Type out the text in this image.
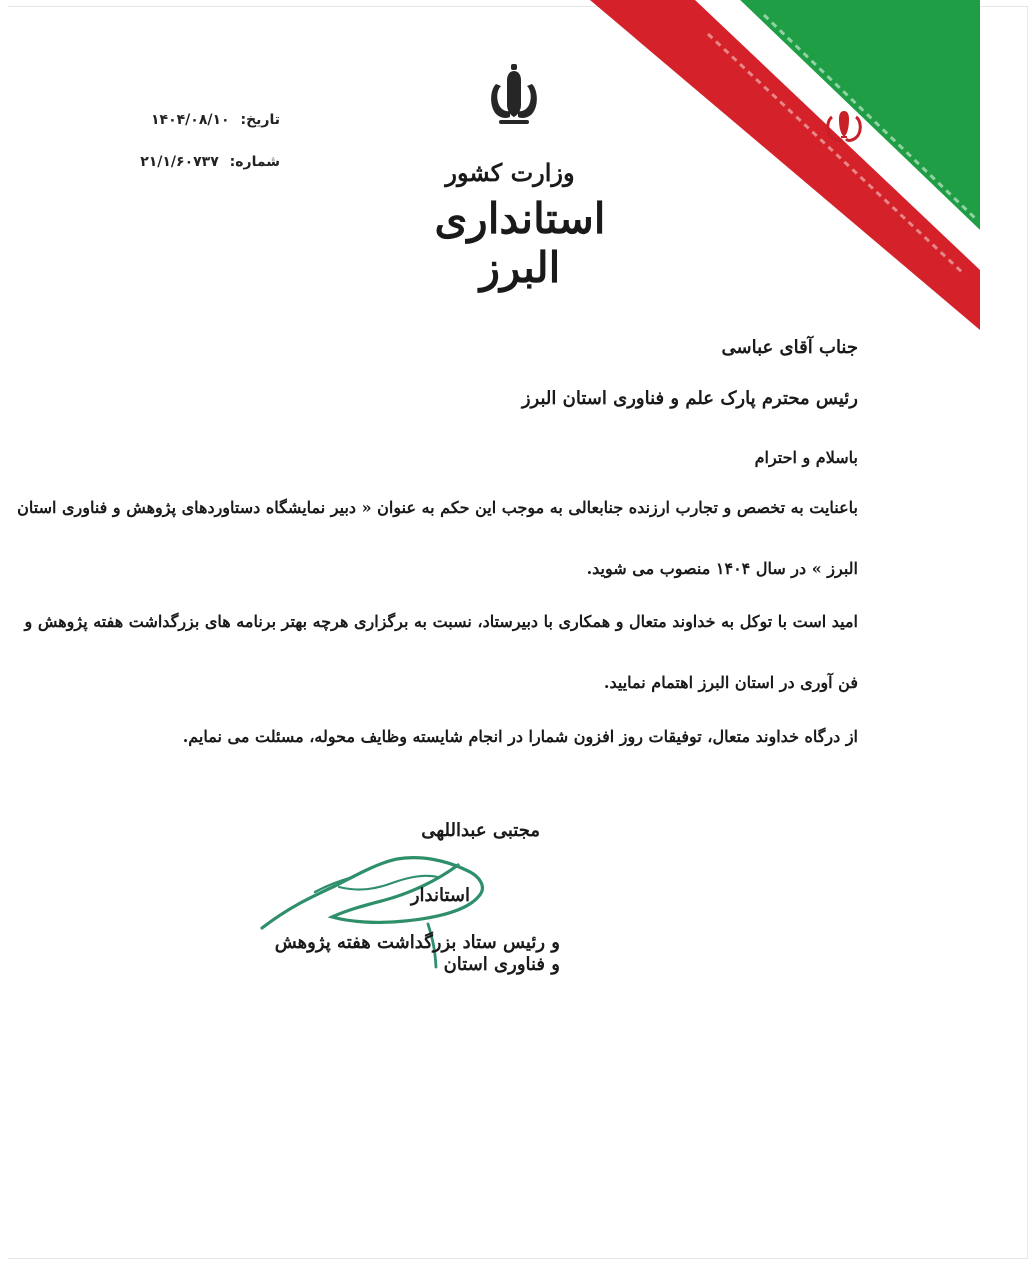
وزارت کشور
استانداری البرز
تاریخ: ۱۴۰۴/۰۸/۱۰
شماره: ۲۱/۱/۶۰۷۳۷
جناب آقای عباسی
رئیس محترم پارک علم و فناوری استان البرز
باسلام و احترام
باعنایت به تخصص و تجارب ارزنده جنابعالی به موجب این حکم به عنوان « دبیر نمایشگاه دستاوردهای پژوهش و فناوری استان
البرز » در سال ۱۴۰۴ منصوب می شوید.
امید است با توکل به خداوند متعال و همکاری با دبیرستاد، نسبت به برگزاری هرچه بهتر برنامه های بزرگداشت هفته پژوهش و
فن آوری در استان البرز اهتمام نمایید.
از درگاه خداوند متعال، توفیقات روز افزون شمارا در انجام شایسته وظایف محوله، مسئلت می نمایم.
مجتبی عبداللهی
استاندار
و رئیس ستاد بزرگداشت هفته پژوهش و فناوری استان
